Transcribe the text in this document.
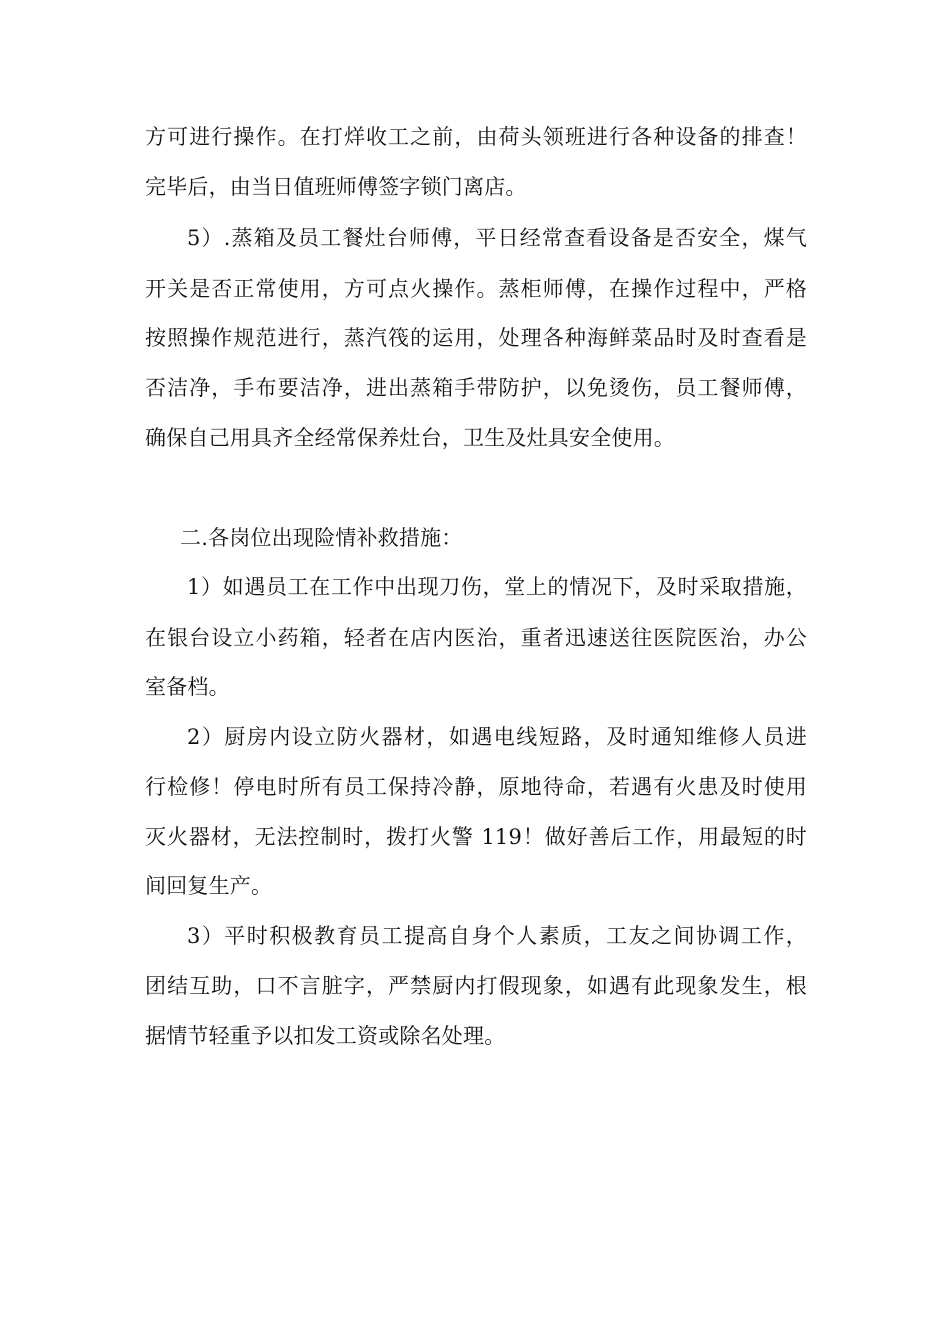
方可进行操作。在打烊收工之前，由荷头领班进行各种设备的排查！
完毕后，由当日值班师傅签字锁门离店。
5）.蒸箱及员工餐灶台师傅，平日经常查看设备是否安全，煤气
开关是否正常使用，方可点火操作。蒸柜师傅，在操作过程中，严格
按照操作规范进行，蒸汽筏的运用，处理各种海鲜菜品时及时查看是
否洁净，手布要洁净，进出蒸箱手带防护，以免烫伤，员工餐师傅，
确保自己用具齐全经常保养灶台，卫生及灶具安全使用。
二.各岗位出现险情补救措施：
1）如遇员工在工作中出现刀伤，堂上的情况下，及时采取措施，
在银台设立小药箱，轻者在店内医治，重者迅速送往医院医治，办公
室备档。
2）厨房内设立防火器材，如遇电线短路，及时通知维修人员进
行检修！停电时所有员工保持冷静，原地待命，若遇有火患及时使用
灭火器材，无法控制时，拨打火警 119！做好善后工作，用最短的时
间回复生产。
3）平时积极教育员工提高自身个人素质，工友之间协调工作，
团结互助，口不言脏字，严禁厨内打假现象，如遇有此现象发生，根
据情节轻重予以扣发工资或除名处理。
